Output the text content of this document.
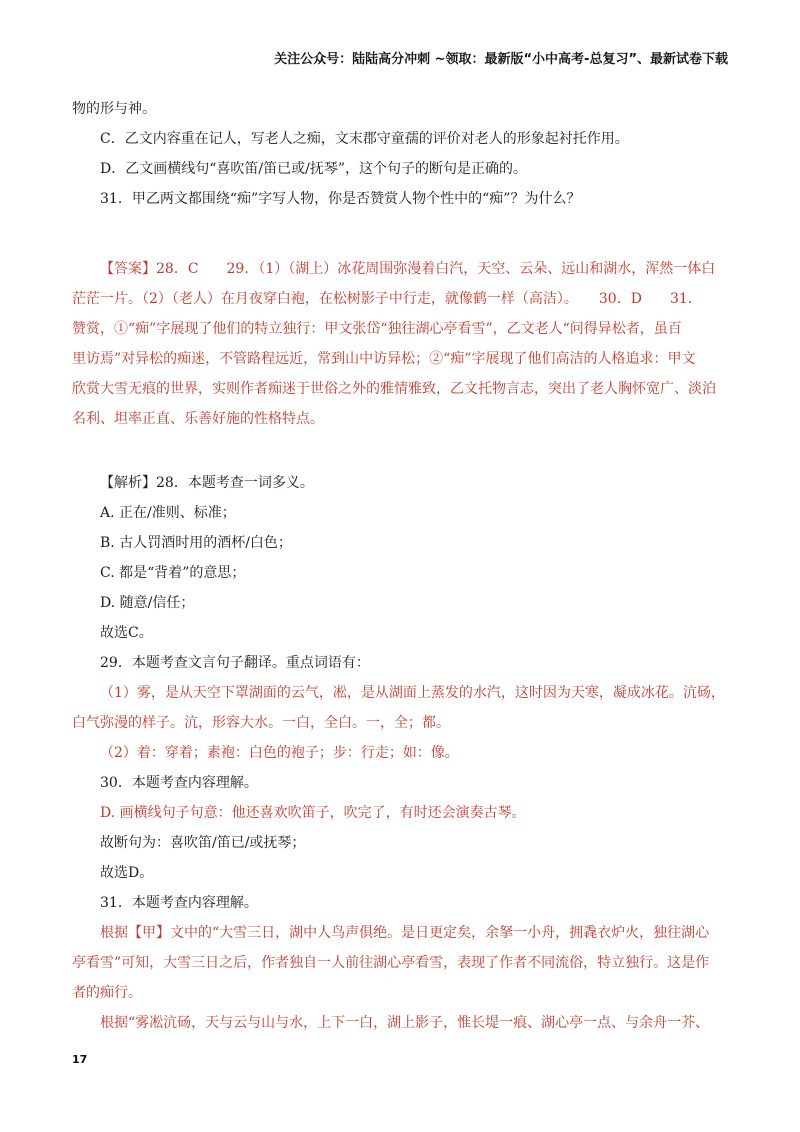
关注公众号：陆陆高分冲刺 ~领取：最新版“小中高考-总复习”、最新试卷下载
物的形与神。
C．乙文内容重在记人，写老人之痴，文末郡守童孺的评价对老人的形象起衬托作用。
D．乙文画横线句“喜吹笛/笛已或/抚琴”，这个句子的断句是正确的。
31．甲乙两文都围绕“痴”字写人物，你是否赞赏人物个性中的“痴”？为什么？
【答案】28．C　　29．（1）（湖上）冰花周围弥漫着白汽，天空、云朵、远山和湖水，浑然一体白
茫茫一片。（2）（老人）在月夜穿白袍，在松树影子中行走，就像鹤一样（高洁）。　　30．D　　31．
赞赏，①“痴”字展现了他们的特立独行：甲文张岱“独往湖心亭看雪”，乙文老人“问得异松者，虽百
里访焉”对异松的痴迷，不管路程远近，常到山中访异松；②“痴”字展现了他们高洁的人格追求：甲文
欣赏大雪无痕的世界，实则作者痴迷于世俗之外的雅情雅致，乙文托物言志，突出了老人胸怀宽广、淡泊
名利、坦率正直、乐善好施的性格特点。
【解析】28．本题考查一词多义。
A. 正在/准则、标准；
B. 古人罚酒时用的酒杯/白色；
C. 都是“背着”的意思；
D. 随意/信任；
故选C。
29．本题考查文言句子翻译。重点词语有：
（1）雾，是从天空下罩湖面的云气，凇，是从湖面上蒸发的水汽，这时因为天寒，凝成冰花。沆砀，
白气弥漫的样子。沆，形容大水。一白，全白。一，全；都。
（2）着：穿着；素袍：白色的袍子；步：行走；如：像。
30．本题考查内容理解。
D. 画横线句子句意：他还喜欢吹笛子，吹完了，有时还会演奏古琴。
故断句为：喜吹笛/笛已/或抚琴；
故选D。
31．本题考查内容理解。
根据【甲】文中的“大雪三日，湖中人鸟声俱绝。是日更定矣，余拏一小舟，拥毳衣炉火，独往湖心
亭看雪”可知，大雪三日之后，作者独自一人前往湖心亭看雪，表现了作者不同流俗，特立独行。这是作
者的痴行。
根据“雾凇沆砀，天与云与山与水，上下一白，湖上影子，惟长堤一痕、湖心亭一点、与余舟一芥、
17
